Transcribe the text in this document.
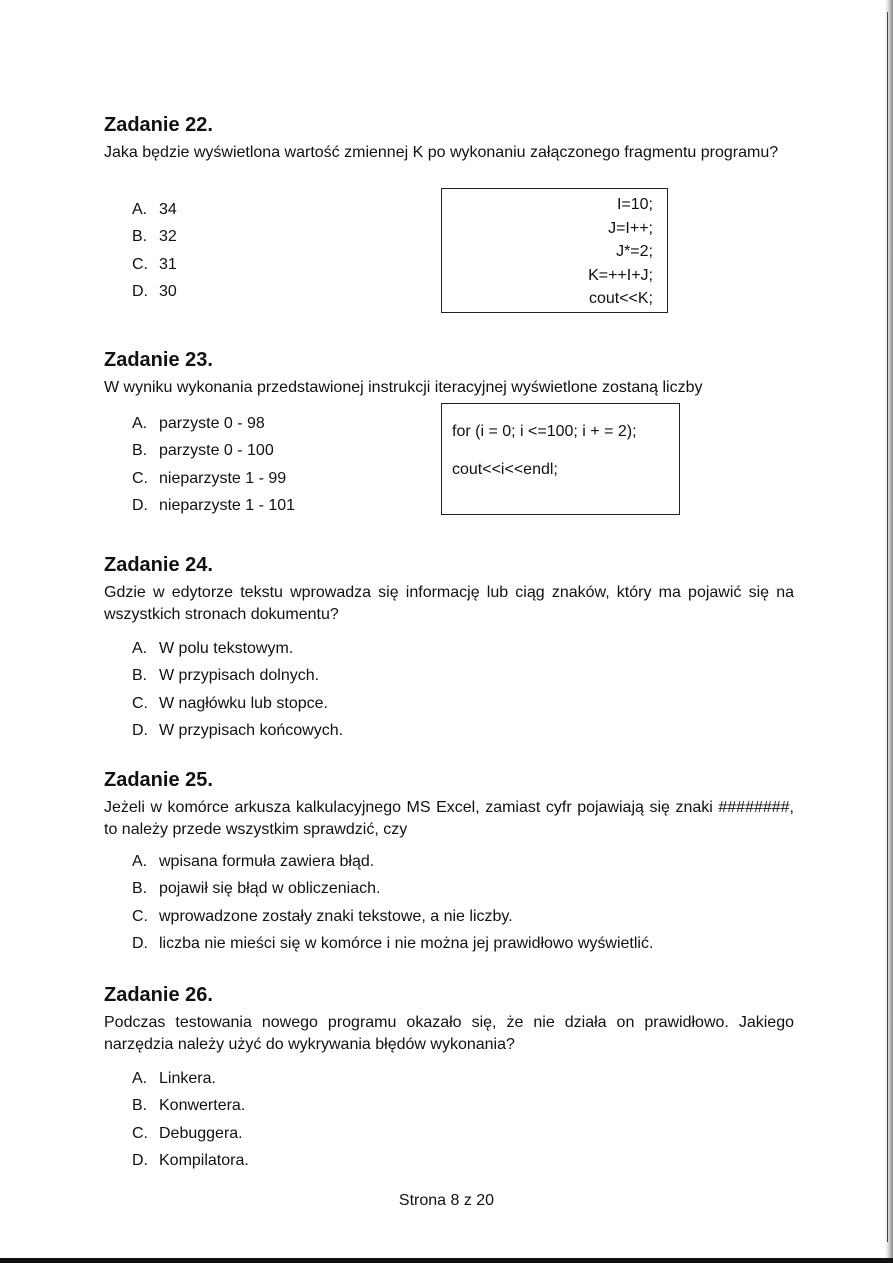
Zadanie 22.
Jaka będzie wyświetlona wartość zmiennej K po wykonaniu załączonego fragmentu programu?
A. 34
B. 32
C. 31
D. 30
I=10;
J=I++;
J*=2;
K=++I+J;
cout<<K;
Zadanie 23.
W wyniku wykonania przedstawionej instrukcji iteracyjnej wyświetlone zostaną liczby
A. parzyste 0 - 98
B. parzyste 0 - 100
C. nieparzyste 1 - 99
D. nieparzyste 1 - 101
for (i = 0; i <=100; i + = 2);
cout<<i<<endl;
Zadanie 24.
Gdzie w edytorze tekstu wprowadza się informację lub ciąg znaków, który ma pojawić się na wszystkich stronach dokumentu?
A. W polu tekstowym.
B. W przypisach dolnych.
C. W nagłówku lub stopce.
D. W przypisach końcowych.
Zadanie 25.
Jeżeli w komórce arkusza kalkulacyjnego MS Excel, zamiast cyfr pojawiają się znaki ########, to należy przede wszystkim sprawdzić, czy
A. wpisana formuła zawiera błąd.
B. pojawił się błąd w obliczeniach.
C. wprowadzone zostały znaki tekstowe, a nie liczby.
D. liczba nie mieści się w komórce i nie można jej prawidłowo wyświetlić.
Zadanie 26.
Podczas testowania nowego programu okazało się, że nie działa on prawidłowo. Jakiego narzędzia należy użyć do wykrywania błędów wykonania?
A. Linkera.
B. Konwertera.
C. Debuggera.
D. Kompilatora.
Strona 8 z 20
